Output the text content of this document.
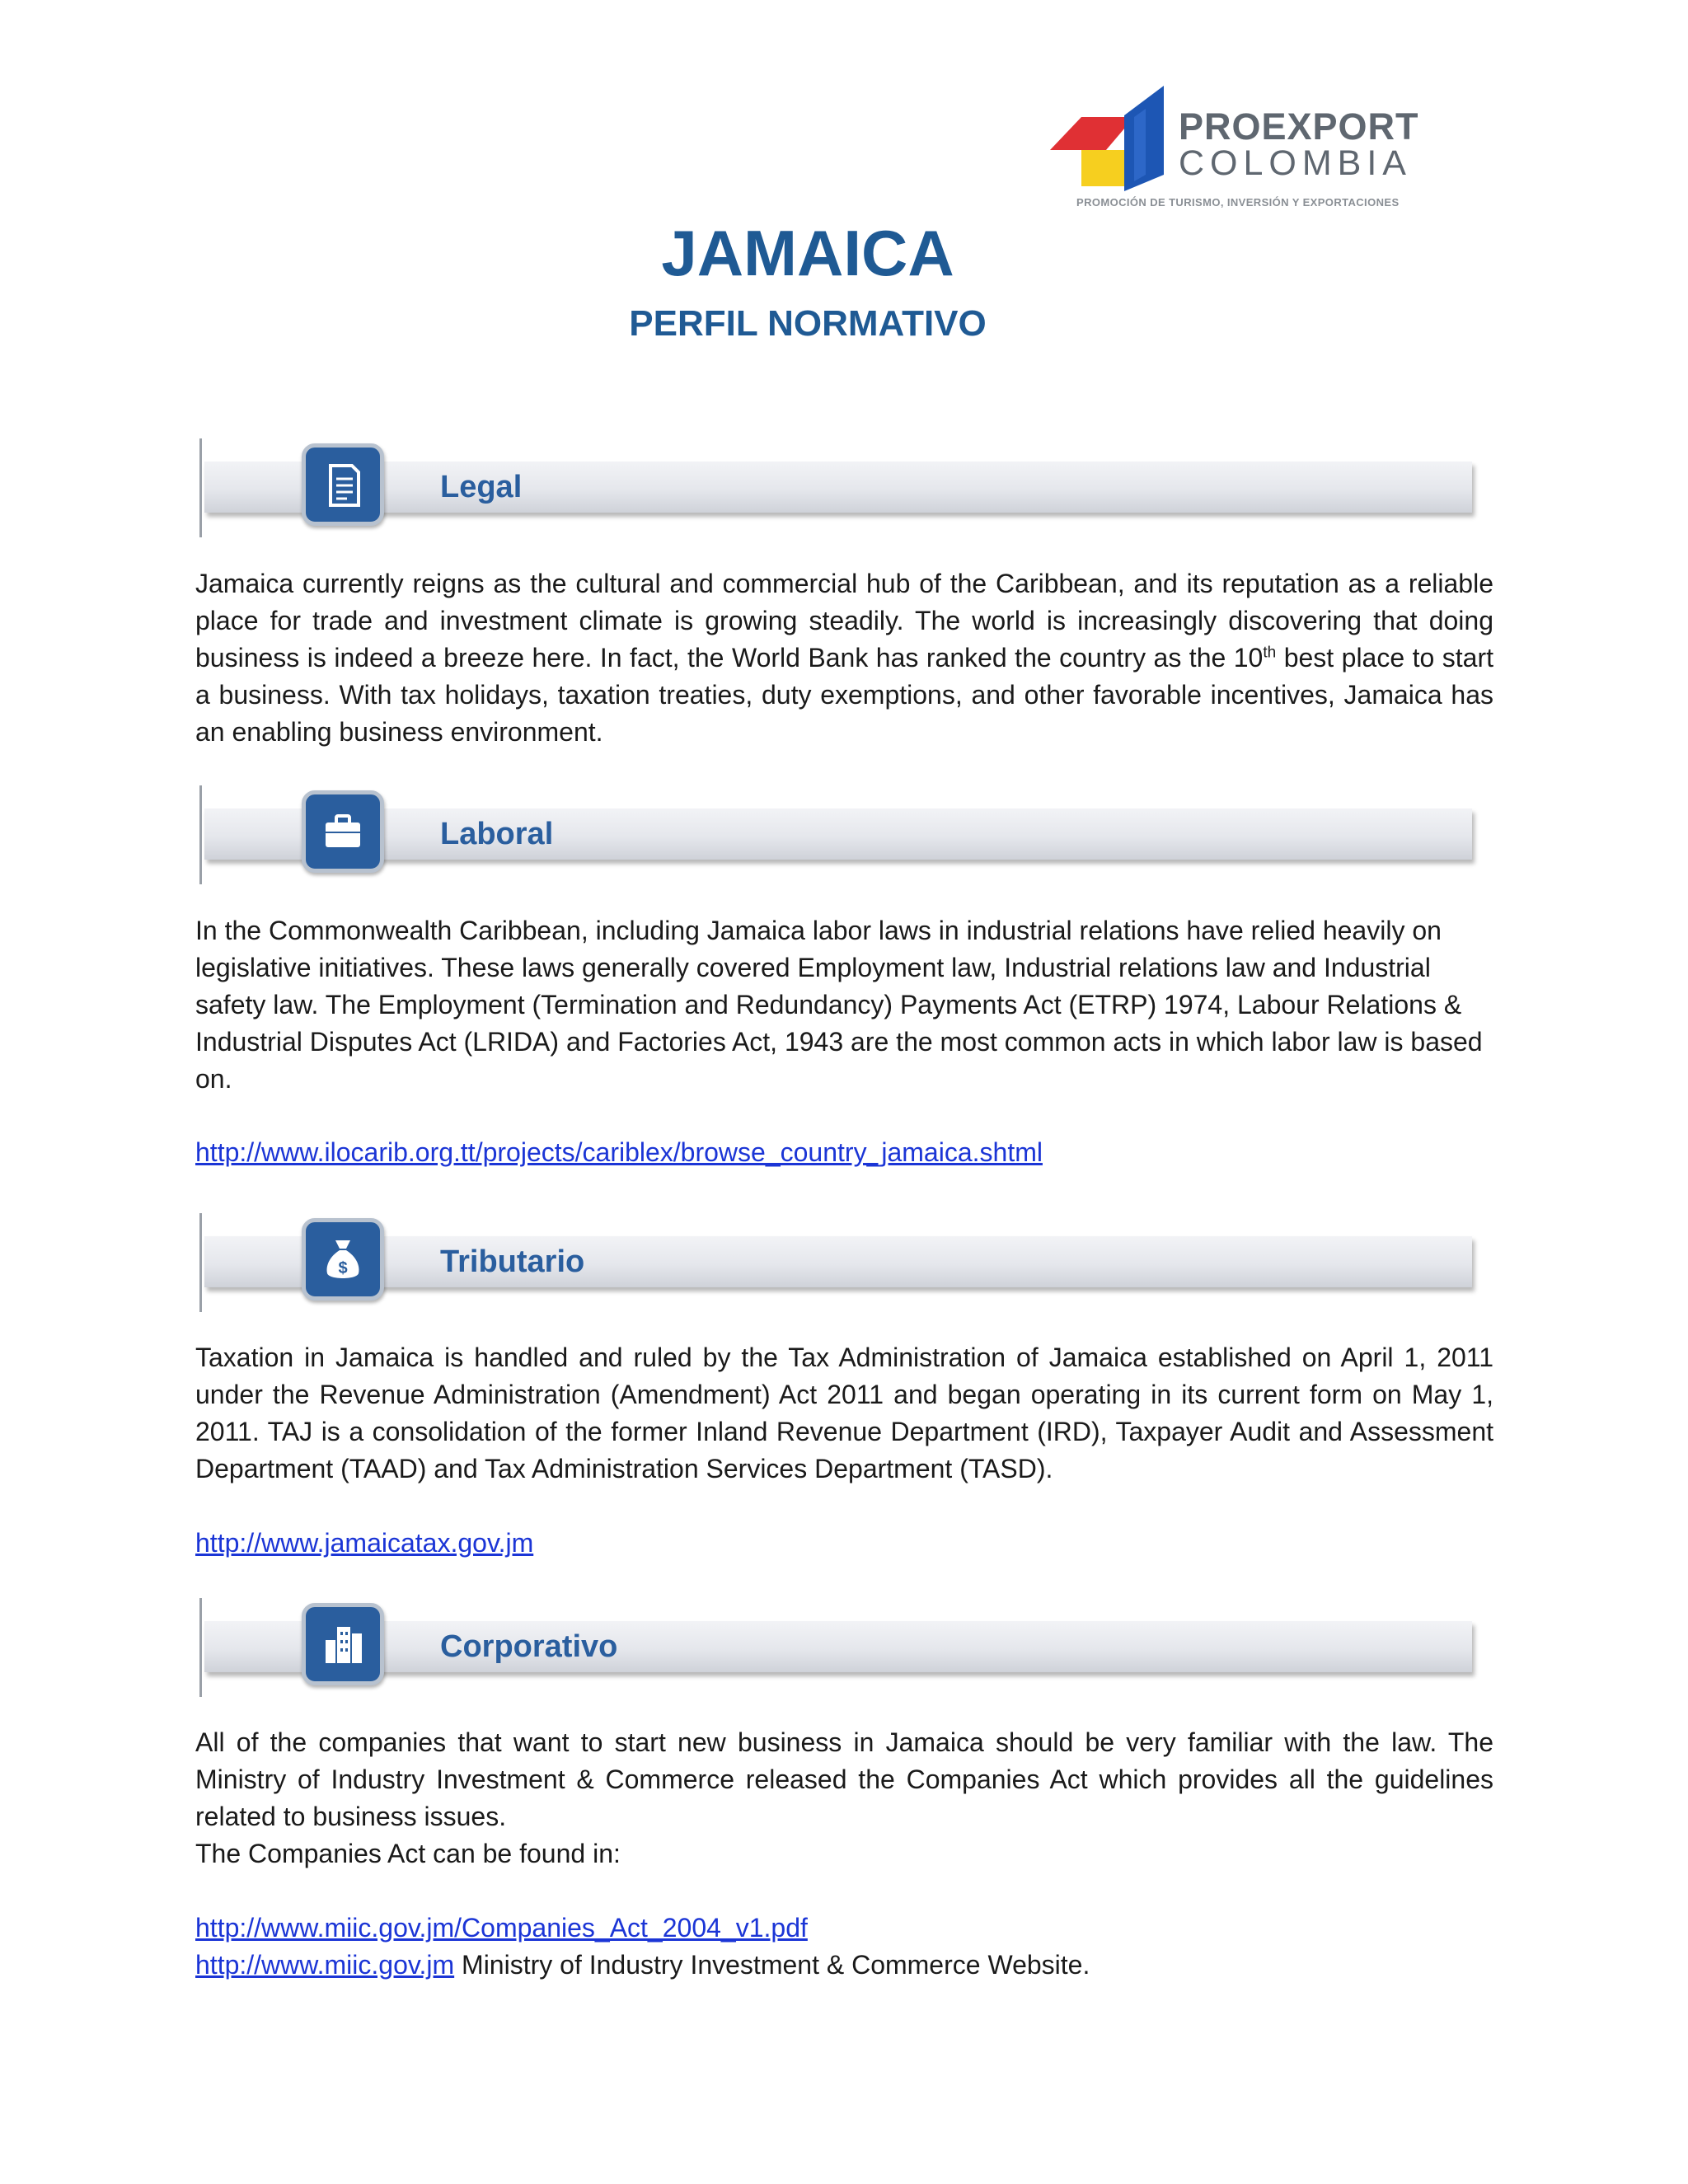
PROEXPORT
COLOMBIA
PROMOCIÓN DE TURISMO, INVERSIÓN Y EXPORTACIONES
JAMAICA
PERFIL NORMATIVO
Legal

Jamaica currently reigns as the cultural and commercial hub of the Caribbean, and its reputation as a reliable place for trade and investment climate is growing steadily. The world is increasingly discovering that doing business is indeed a breeze here. In fact, the World Bank has ranked the country as the 10th best place to start a business. With tax holidays, taxation treaties, duty exemptions, and other favorable incentives, Jamaica has an enabling business environment.

Laboral

In the Commonwealth Caribbean, including Jamaica labor laws in industrial relations have relied heavily on legislative initiatives. These laws generally covered Employment law, Industrial relations law and Industrial safety law. The Employment (Termination and Redundancy) Payments Act (ETRP) 1974, Labour Relations & Industrial Disputes Act (LRIDA) and Factories Act, 1943 are the most common acts in which labor law is based on.

http://www.ilocarib.org.tt/projects/cariblex/browse_country_jamaica.shtml
$	Tributario

Taxation in Jamaica is handled and ruled by the Tax Administration of Jamaica established on April 1, 2011 under the Revenue Administration (Amendment) Act 2011 and began operating in its current form on May 1, 2011. TAJ is a consolidation of the former Inland Revenue Department (IRD), Taxpayer Audit and Assessment Department (TAAD) and Tax Administration Services Department (TASD).

http://www.jamaicatax.gov.jm
Corporativo

All of the companies that want to start new business in Jamaica should be very familiar with the law. The Ministry of Industry Investment & Commerce released the Companies Act which provides all the guidelines related to business issues.

The Companies Act can be found in:
http://www.miic.gov.jm/Companies_Act_2004_v1.pdf
http://www.miic.gov.jm Ministry of Industry Investment & Commerce Website.
